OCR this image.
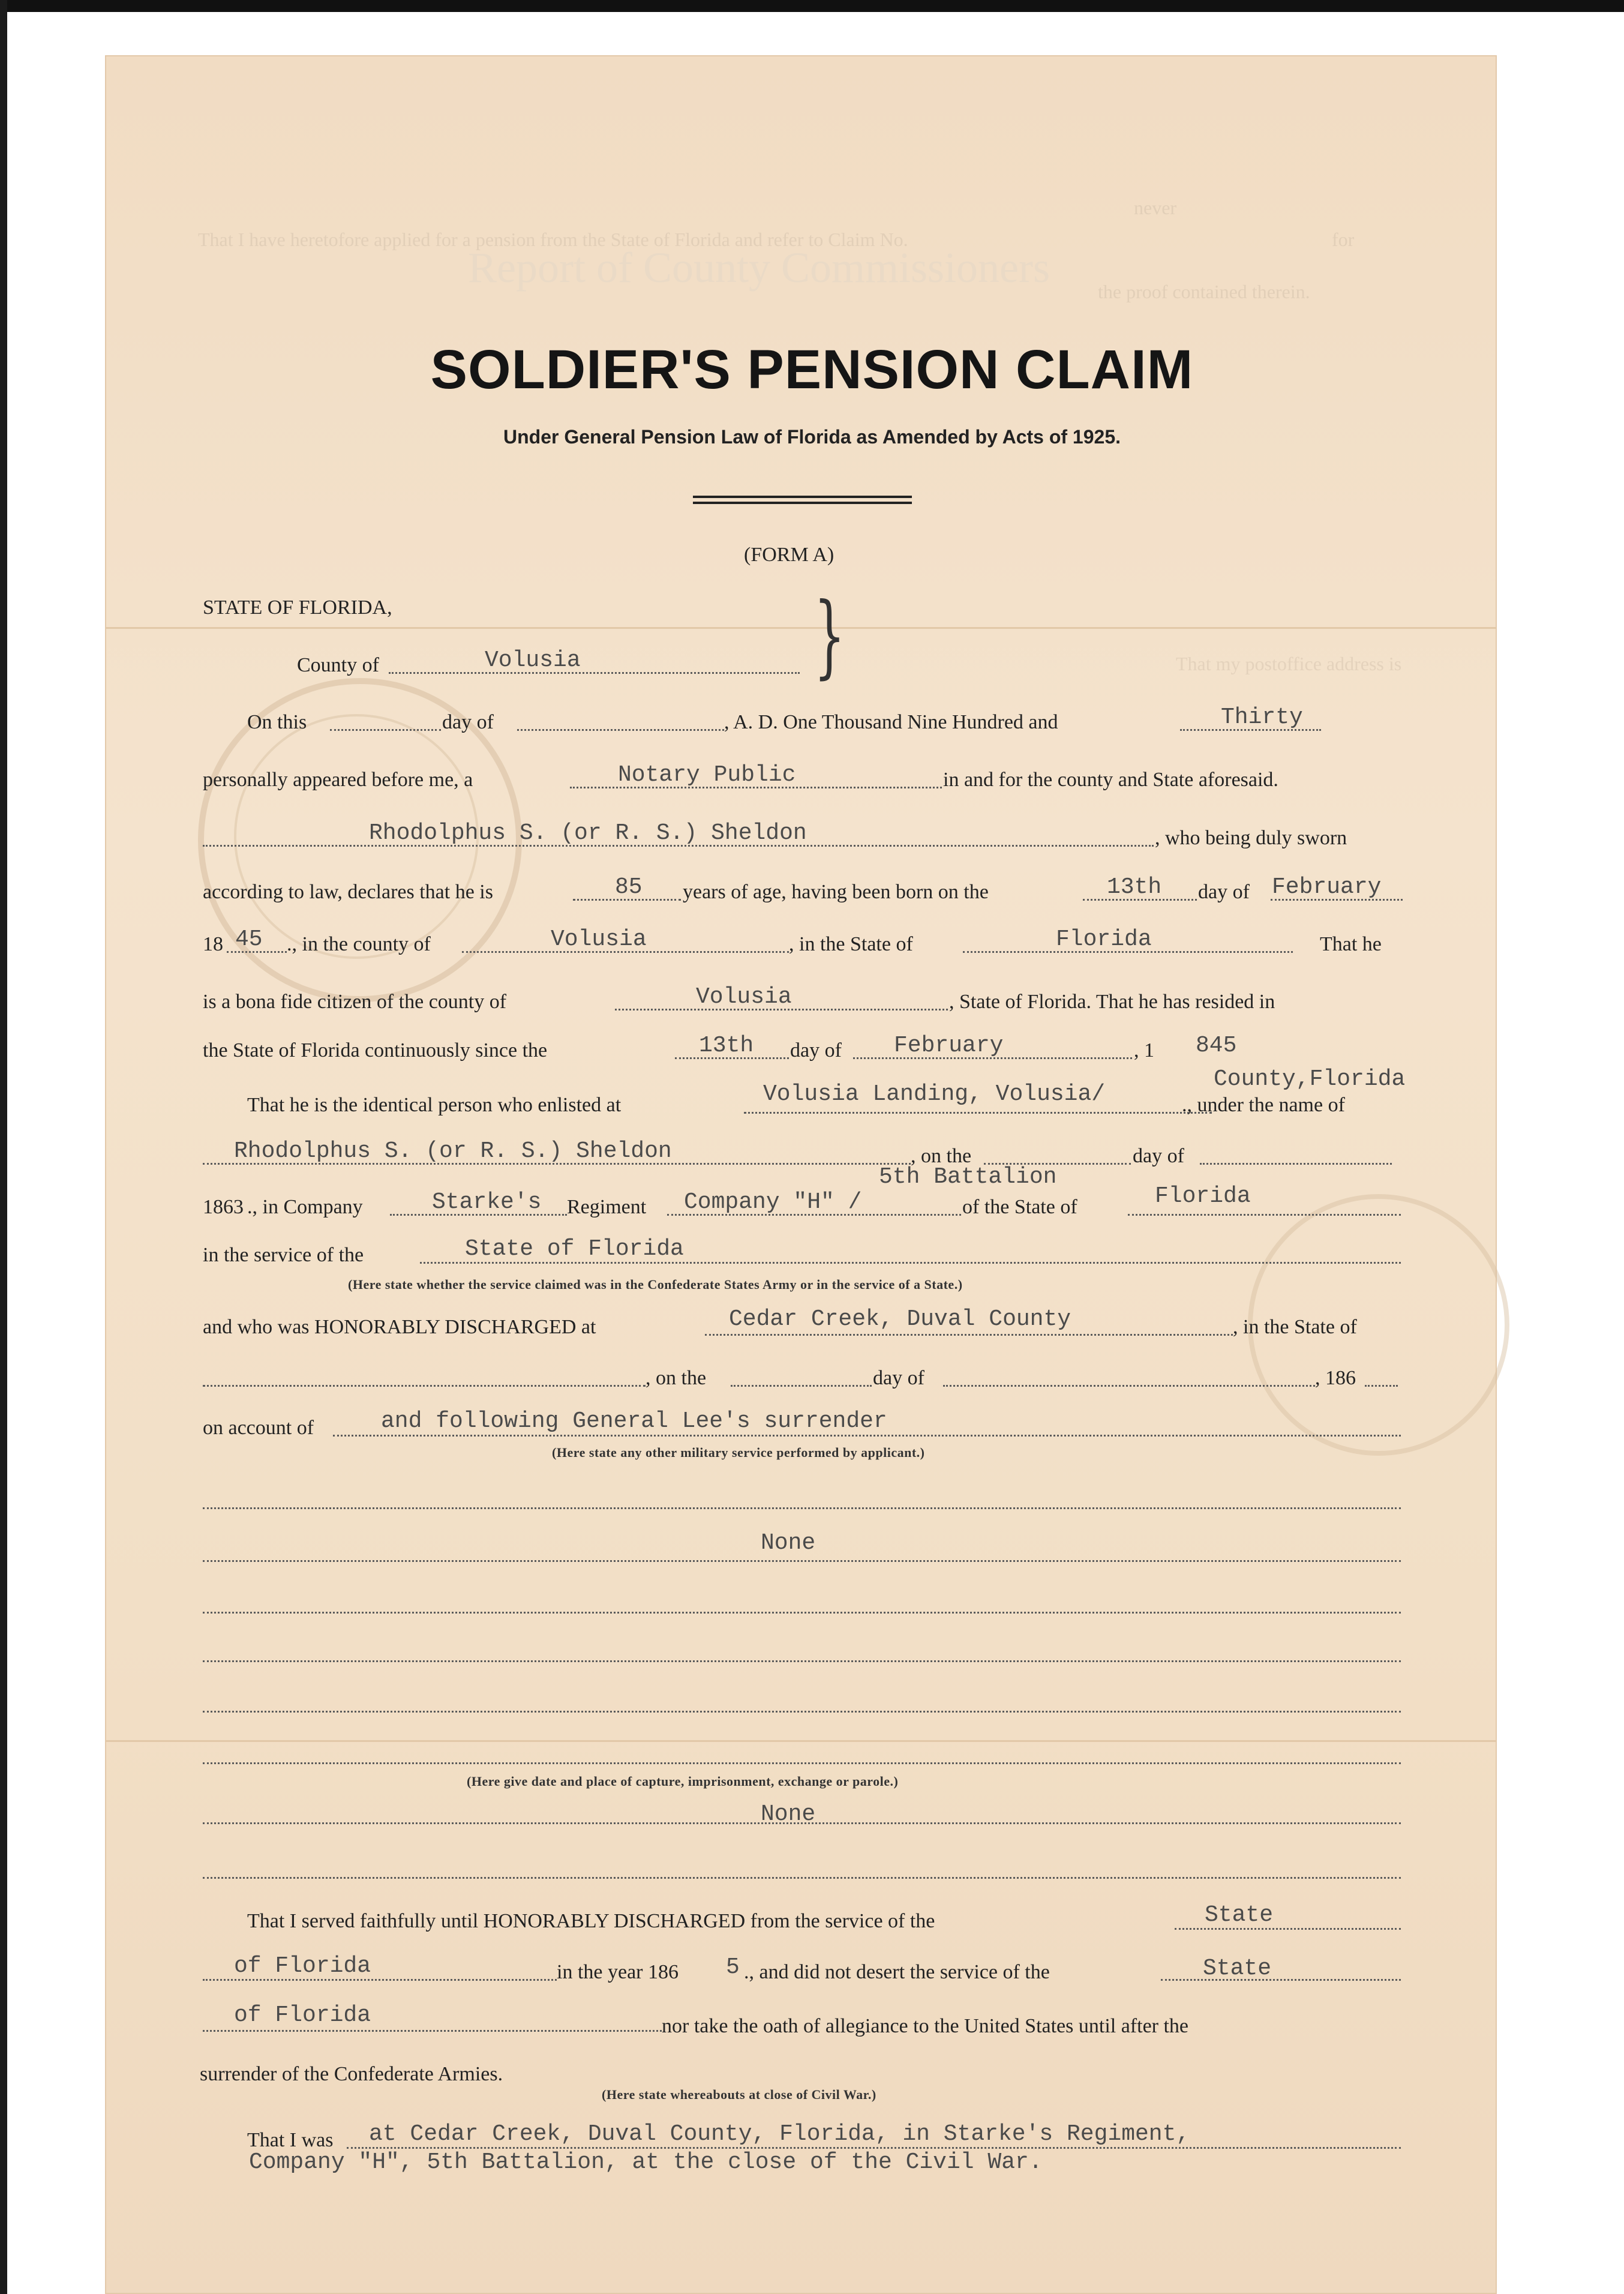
never
That I have heretofore applied for a pension from the State of Florida and refer to Claim No.	for
the proof contained therein.
Report of County Commissioners
That my postoffice address is
SOLDIER'S PENSION CLAIM
Under General Pension Law of Florida as Amended by Acts of 1925.
(FORM A)
STATE OF FLORIDA,	}
County of	Volusia
On this	day of	, A. D. One Thousand Nine Hundred and	Thirty
personally appeared before me, a	Notary Public	in and for the county and State aforesaid.
Rhodolphus S. (or R. S.) Sheldon	, who being duly sworn
according to law, declares that he is	85 years of age, having been born on the	13th day of February
18 45 ., in the county of	Volusia	, in the State of	Florida	That he
is a bona fide citizen of the county of	Volusia	, State of Florida. That he has resided in
the State of Florida continuously since the	13th day of February	, 1 845
County,Florida
That he is the identical person who enlisted at	Volusia Landing, Volusia/	., under the name of
Rhodolphus S. (or R. S.) Sheldon	, on the	day of
5th Battalion
1863 ., in Company	Starke's Regiment Company "H" /	of the State of	Florida
in the service of the	State of Florida
(Here state whether the service claimed was in the Confederate States Army or in the service of a State.)
and who was HONORABLY DISCHARGED at	Cedar Creek, Duval County	, in the State of
, on the	day of	, 186
on account of	and following General Lee's surrender
(Here state any other military service performed by applicant.)
None
(Here give date and place of capture, imprisonment, exchange or parole.)
None
That I served faithfully until HONORABLY DISCHARGED from the service of the	State
of Florida	in the year 186 5 ., and did not desert the service of the	State
of Florida	nor take the oath of allegiance to the United States until after the
surrender of the Confederate Armies.
(Here state whereabouts at close of Civil War.)
That I was at Cedar Creek, Duval County, Florida, in Starke's Regiment,
Company "H", 5th Battalion, at the close of the Civil War.
